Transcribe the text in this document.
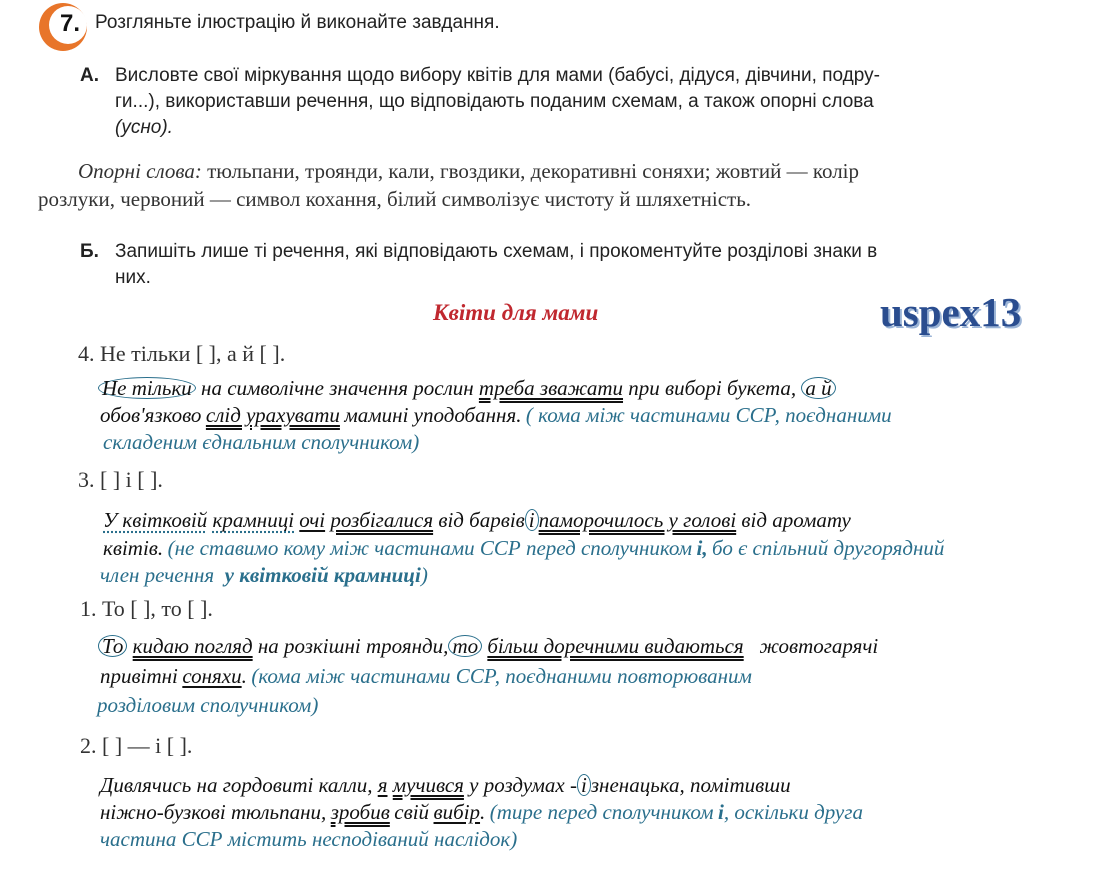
7. Розгляньте ілюстрацію й виконайте завдання.
А. Висловте свої міркування щодо вибору квітів для мами (бабусі, дідуся, дівчини, подру-
ги...), використавши речення, що відповідають поданим схемам, а також опорні слова
(усно).
Опорні слова: тюльпани, троянди, кали, гвоздики, декоративні соняхи; жовтий — колір
розлуки, червоний — символ кохання, білий символізує чистоту й шляхетність.
Б. Запишіть лише ті речення, які відповідають схемам, і прокоментуйте розділові знаки в
них.
Квіти для мами	uspex13
4. Не тільки [ ], а й [ ].
Не тільки на символічне значення рослин треба зважати при виборі букета, а й
обов'язково слід урахувати мамині уподобання. ( кома між частинами ССР, поєднаними
складеним єднальним сполучником)
3. [ ] і [ ].
У квітковій крамниці очі розбігалися від барвів і паморочилось у голові від аромату
квітів. (не ставимо кому між частинами ССР перед сполучником і, бо є спільний другорядний
член речення у квітковій крамниці)
1. То [ ], то [ ].
То кидаю погляд на розкішні троянди, то більш доречними видаються жовтогарячі
привітні соняхи. (кома між частинами ССР, поєднаними повторюваним
розділовим сполучником)
2. [ ] — і [ ].
Дивлячись на гордовиті калли, я мучився у роздумах - і зненацька, помітивши
ніжно-бузкові тюльпани, зробив свій вибір. (тире перед сполучником і, оскільки друга
частина ССР містить несподіваний наслідок)
